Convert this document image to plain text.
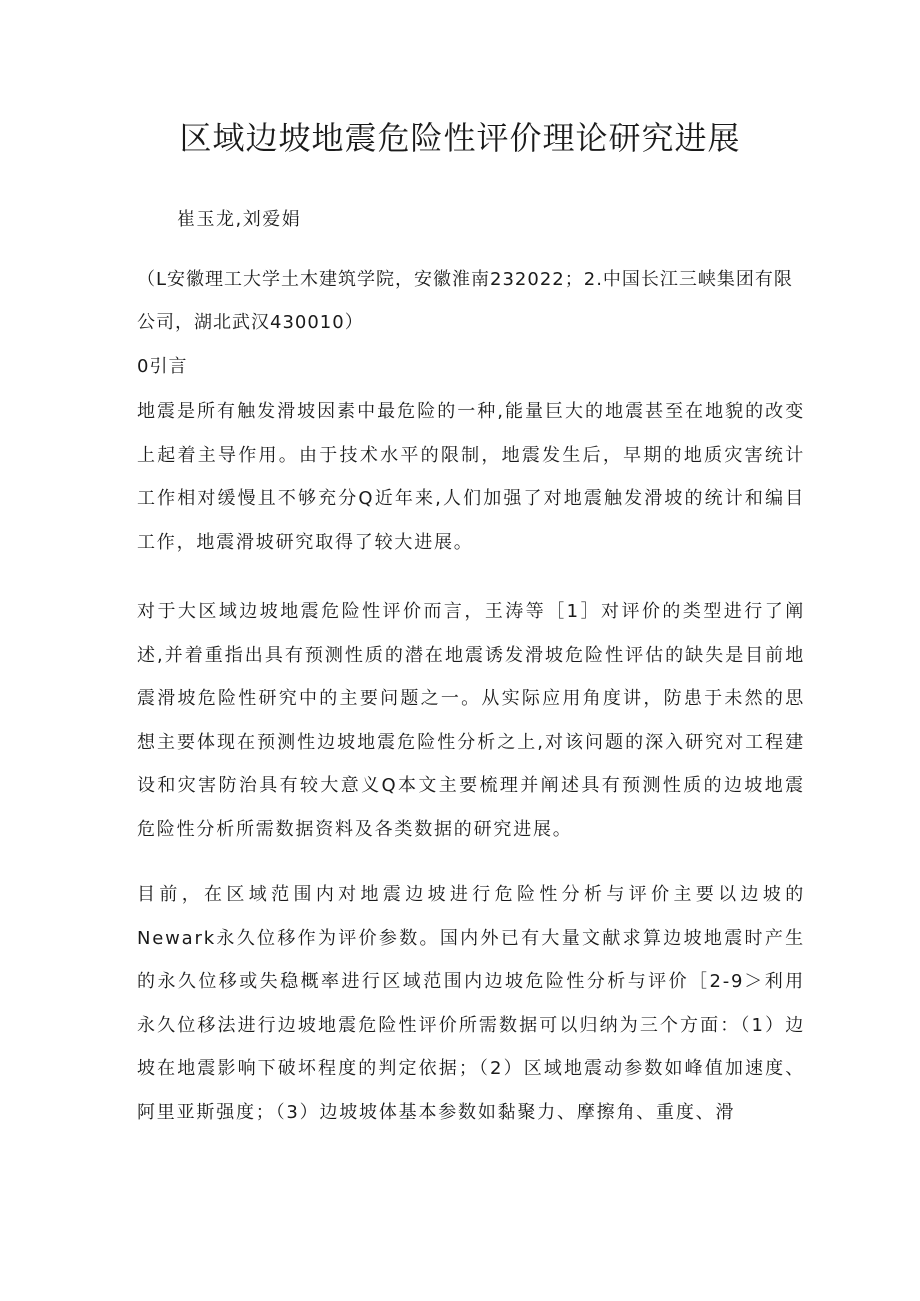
区域边坡地震危险性评价理论研究进展
崔玉龙,刘爱娟
（L安徽理工大学土木建筑学院，安徽淮南232022；2.中国长江三峡集团有限公司，湖北武汉430010）
0引言

地震是所有触发滑坡因素中最危险的一种,能量巨大的地震甚至在地貌的改变上起着主导作用。由于技术水平的限制，地震发生后，早期的地质灾害统计工作相对缓慢且不够充分Q近年来,人们加强了对地震触发滑坡的统计和编目工作，地震滑坡研究取得了较大进展。

对于大区域边坡地震危险性评价而言，王涛等［1］对评价的类型进行了阐述,并着重指出具有预测性质的潜在地震诱发滑坡危险性评估的缺失是目前地震滑坡危险性研究中的主要问题之一。从实际应用角度讲，防患于未然的思想主要体现在预测性边坡地震危险性分析之上,对该问题的深入研究对工程建设和灾害防治具有较大意义Q本文主要梳理并阐述具有预测性质的边坡地震危险性分析所需数据资料及各类数据的研究进展。

目前，在区域范围内对地震边坡进行危险性分析与评价主要以边坡的Newark永久位移作为评价参数。国内外已有大量文献求算边坡地震时产生的永久位移或失稳概率进行区域范围内边坡危险性分析与评价［2-9＞利用永久位移法进行边坡地震危险性评价所需数据可以归纳为三个方面：（1）边坡在地震影响下破坏程度的判定依据；（2）区域地震动参数如峰值加速度、阿里亚斯强度；（3）边坡坡体基本参数如黏聚力、摩擦角、重度、滑
